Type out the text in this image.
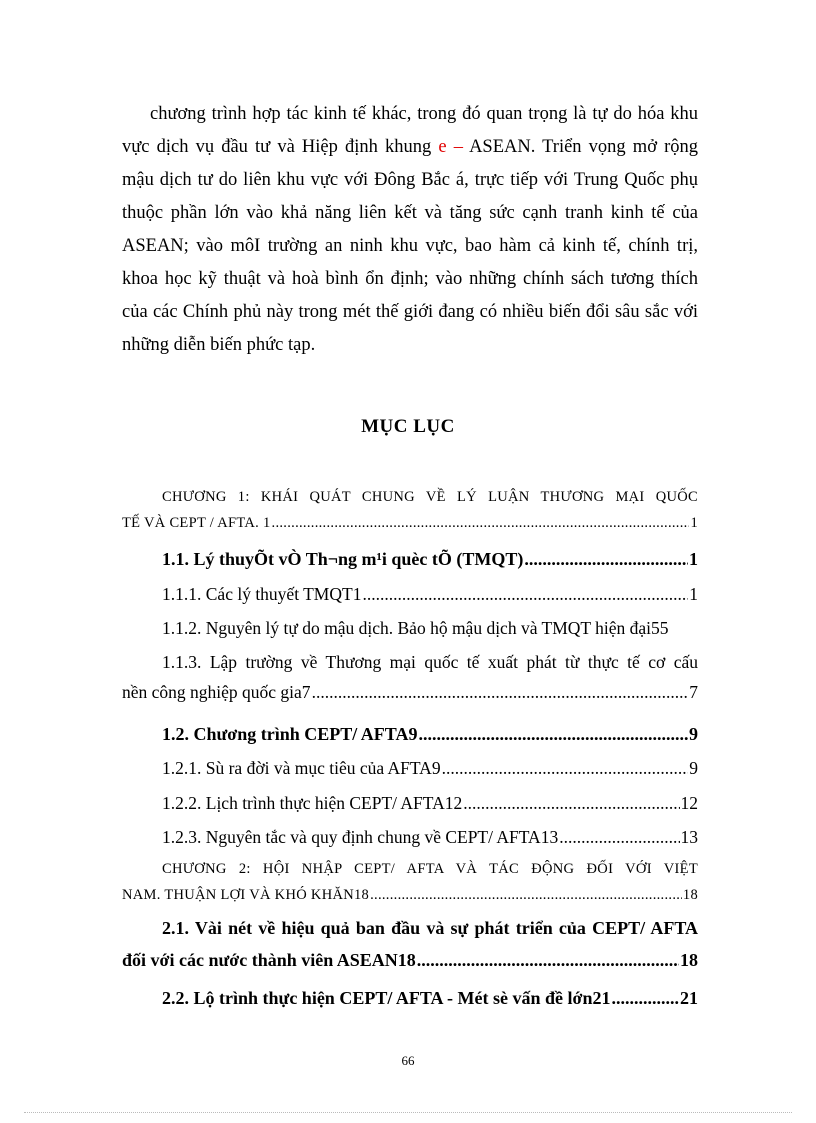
chương trình hợp tác kinh tế khác, trong đó quan trọng là tự do hóa khu
vực dịch vụ đầu tư và Hiệp định khung e – ASEAN. Triển vọng mở rộng
mậu dịch tư do liên khu vực với Đông Bắc á, trực tiếp với Trung Quốc phụ
thuộc phần lớn vào khả năng liên kết và tăng sức cạnh tranh kinh tế của
ASEAN; vào môI trường an ninh khu vực, bao hàm cả kinh tế, chính trị,
khoa học kỹ thuật và hoà bình ổn định; vào những chính sách tương thích
của các Chính phủ này trong mét thế giới đang có nhiều biến đổi sâu sắc với
những diễn biến phức tạp.
MỤC LỤC
CHƯƠNG 1: KHÁI QUÁT CHUNG VỀ LÝ LUẬN THƯƠNG MẠI QUỐC
TẾ VÀ CEPT / AFTA. 1 .....	1
1.1. Lý thuyÕt vÒ Th¬ng m¹i quèc tÕ (TMQT) .....	1
1.1.1. Các lý thuyết TMQT1 .....	1
1.1.2. Nguyên lý tự do mậu dịch. Bảo hộ mậu dịch và TMQT hiện đại5 5
1.1.3. Lập trường về Thương mại quốc tế xuất phát từ thực tế cơ cấu
nền công nghiệp quốc gia7 .....	7
1.2. Chương trình CEPT/ AFTA9 .....	9
1.2.1. Sù ra đời và mục tiêu của AFTA9 .....	9
1.2.2. Lịch trình thực hiện CEPT/ AFTA12 .....	12
1.2.3. Nguyên tắc và quy định chung về CEPT/ AFTA13 .....	13
CHƯƠNG 2: HỘI NHẬP CEPT/ AFTA VÀ TÁC ĐỘNG ĐỐI VỚI VIỆT
NAM. THUẬN LỢI VÀ KHÓ KHĂN18 .....	18
2.1. Vài nét về hiệu quả ban đầu và sự phát triển của CEPT/ AFTA
đối với các nước thành viên ASEAN18 .....	18
2.2. Lộ trình thực hiện CEPT/ AFTA - Mét sè vấn đề lớn21 .....	21
66
